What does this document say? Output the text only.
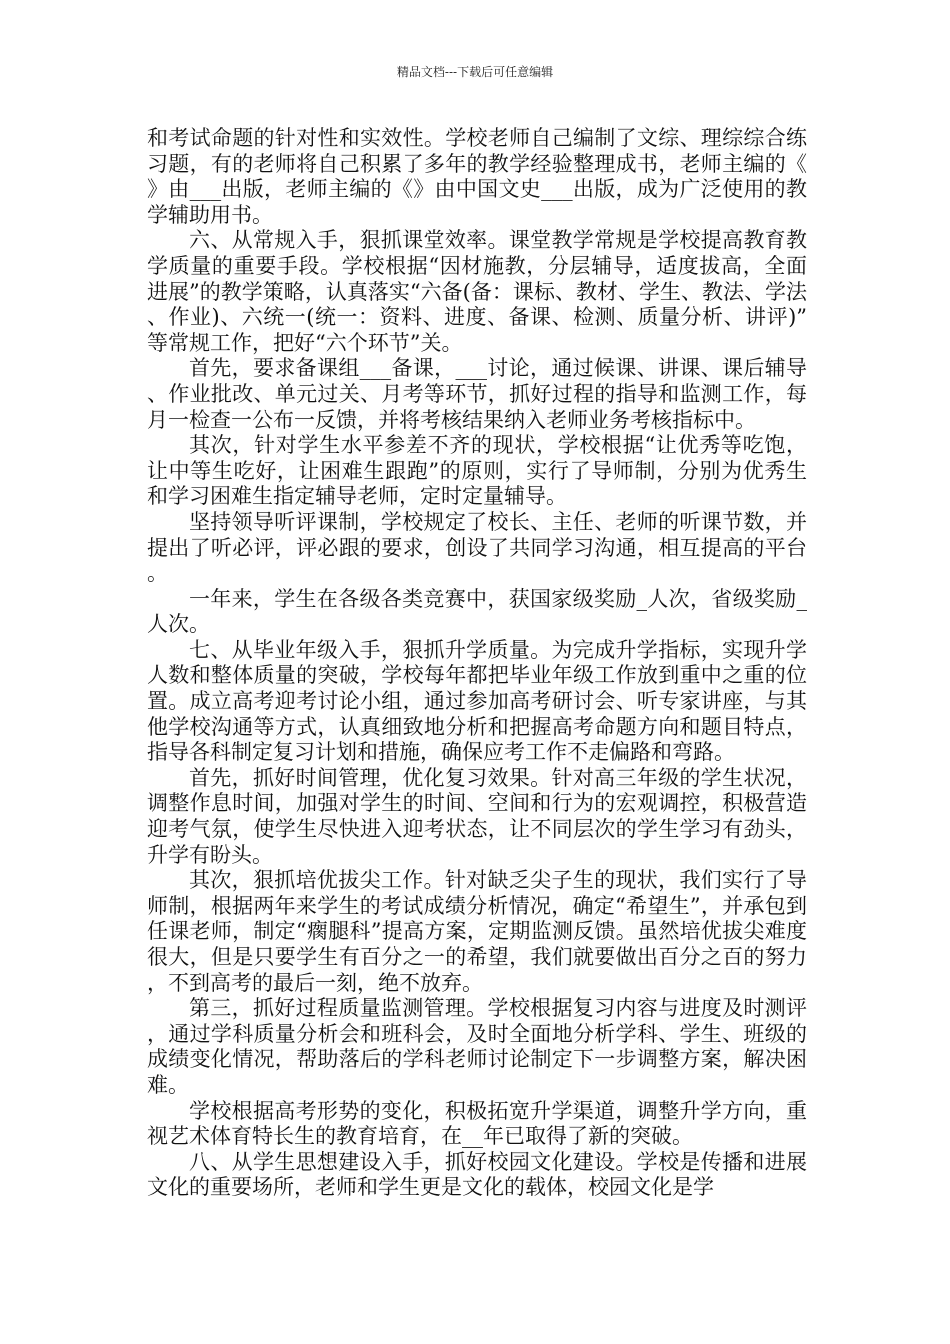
精品文档---下载后可任意编辑

和考试命题的针对性和实效性。学校老师自己编制了文综、理综综合练习题，有的老师将自己积累了多年的教学经验整理成书，老师主编的《》由___出版，老师主编的《》由中国文史___出版，成为广泛使用的教学辅助用书。

六、从常规入手，狠抓课堂效率。课堂教学常规是学校提高教育教学质量的重要手段。学校根据“因材施教，分层辅导，适度拔高，全面进展”的教学策略，认真落实“六备(备：课标、教材、学生、教法、学法、作业)、六统一(统一：资料、进度、备课、检测、质量分析、讲评)”等常规工作，把好“六个环节”关。

首先，要求备课组___备课，___讨论，通过候课、讲课、课后辅导、作业批改、单元过关、月考等环节，抓好过程的指导和监测工作，每月一检查一公布一反馈，并将考核结果纳入老师业务考核指标中。

其次，针对学生水平参差不齐的现状，学校根据“让优秀等吃饱，让中等生吃好，让困难生跟跑”的原则，实行了导师制，分别为优秀生和学习困难生指定辅导老师，定时定量辅导。

坚持领导听评课制，学校规定了校长、主任、老师的听课节数，并提出了听必评，评必跟的要求，创设了共同学习沟通，相互提高的平台。

一年来，学生在各级各类竞赛中，获国家级奖励_人次，省级奖励_人次。

七、从毕业年级入手，狠抓升学质量。为完成升学指标，实现升学人数和整体质量的突破，学校每年都把毕业年级工作放到重中之重的位置。成立高考迎考讨论小组，通过参加高考研讨会、听专家讲座，与其他学校沟通等方式，认真细致地分析和把握高考命题方向和题目特点，指导各科制定复习计划和措施，确保应考工作不走偏路和弯路。

首先，抓好时间管理，优化复习效果。针对高三年级的学生状况，调整作息时间，加强对学生的时间、空间和行为的宏观调控，积极营造迎考气氛，使学生尽快进入迎考状态，让不同层次的学生学习有劲头，升学有盼头。

其次，狠抓培优拔尖工作。针对缺乏尖子生的现状，我们实行了导师制，根据两年来学生的考试成绩分析情况，确定“希望生”，并承包到任课老师，制定“瘸腿科”提高方案，定期监测反馈。虽然培优拔尖难度很大，但是只要学生有百分之一的希望，我们就要做出百分之百的努力，不到高考的最后一刻，绝不放弃。

第三，抓好过程质量监测管理。学校根据复习内容与进度及时测评，通过学科质量分析会和班科会，及时全面地分析学科、学生、班级的成绩变化情况，帮助落后的学科老师讨论制定下一步调整方案，解决困难。

学校根据高考形势的变化，积极拓宽升学渠道，调整升学方向，重视艺术体育特长生的教育培育，在__年已取得了新的突破。

八、从学生思想建设入手，抓好校园文化建设。学校是传播和进展文化的重要场所，老师和学生更是文化的载体，校园文化是学
